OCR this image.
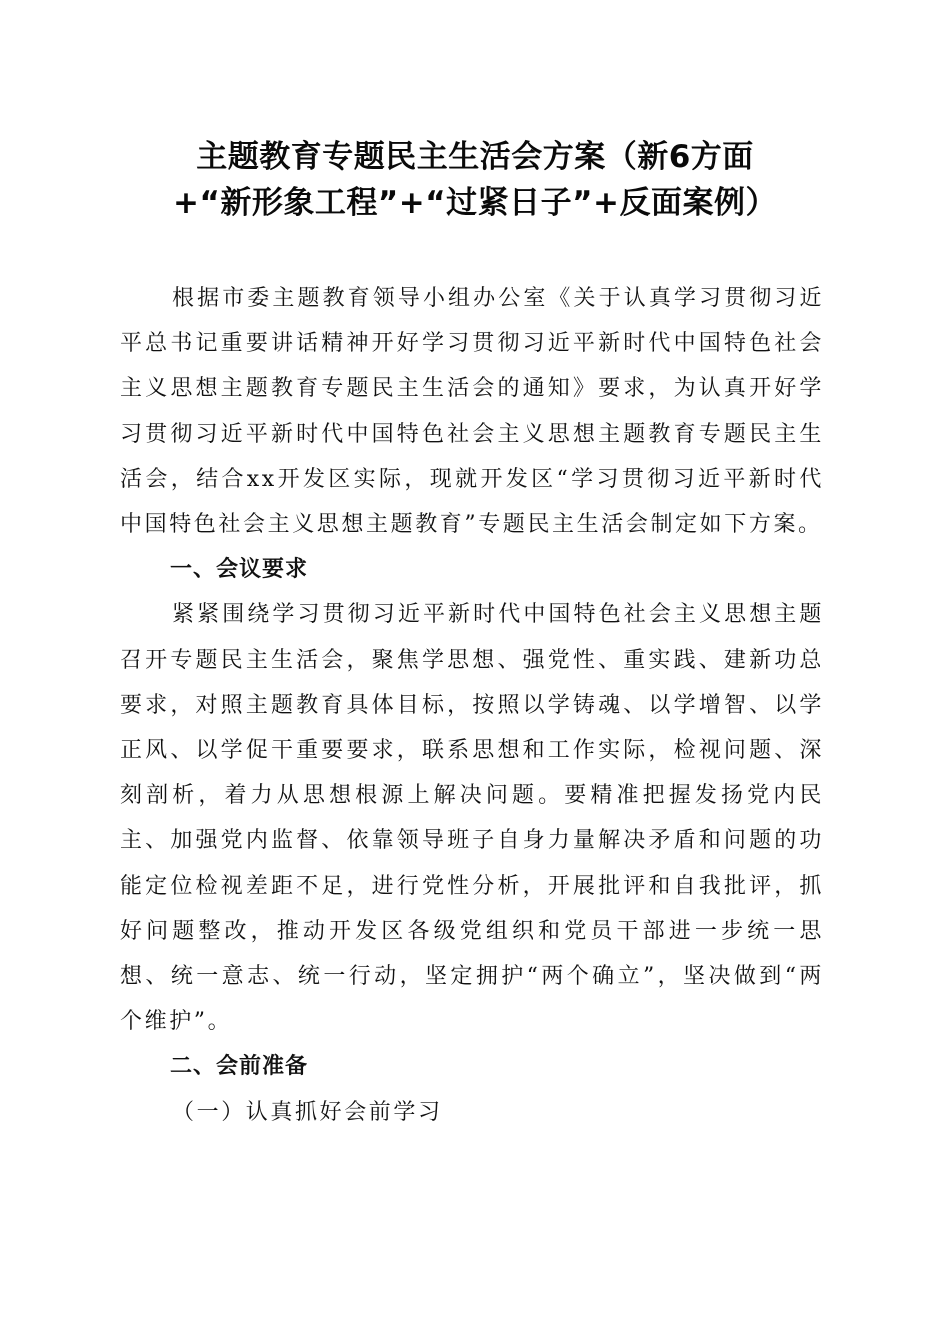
主题教育专题民主生活会方案（新6方面
+“新形象工程”+“过紧日子”+反面案例）

根据市委主题教育领导小组办公室《关于认真学习贯彻习近平总书记重要讲话精神开好学习贯彻习近平新时代中国特色社会主义思想主题教育专题民主生活会的通知》要求，为认真开好学习贯彻习近平新时代中国特色社会主义思想主题教育专题民主生活会，结合xx开发区实际，现就开发区“学习贯彻习近平新时代中国特色社会主义思想主题教育”专题民主生活会制定如下方案。

一、会议要求

紧紧围绕学习贯彻习近平新时代中国特色社会主义思想主题召开专题民主生活会，聚焦学思想、强党性、重实践、建新功总要求，对照主题教育具体目标，按照以学铸魂、以学增智、以学正风、以学促干重要要求，联系思想和工作实际，检视问题、深刻剖析，着力从思想根源上解决问题。要精准把握发扬党内民主、加强党内监督、依靠领导班子自身力量解决矛盾和问题的功能定位检视差距不足，进行党性分析，开展批评和自我批评，抓好问题整改，推动开发区各级党组织和党员干部进一步统一思想、统一意志、统一行动，坚定拥护“两个确立”，坚决做到“两个维护”。

二、会前准备

（一）认真抓好会前学习
